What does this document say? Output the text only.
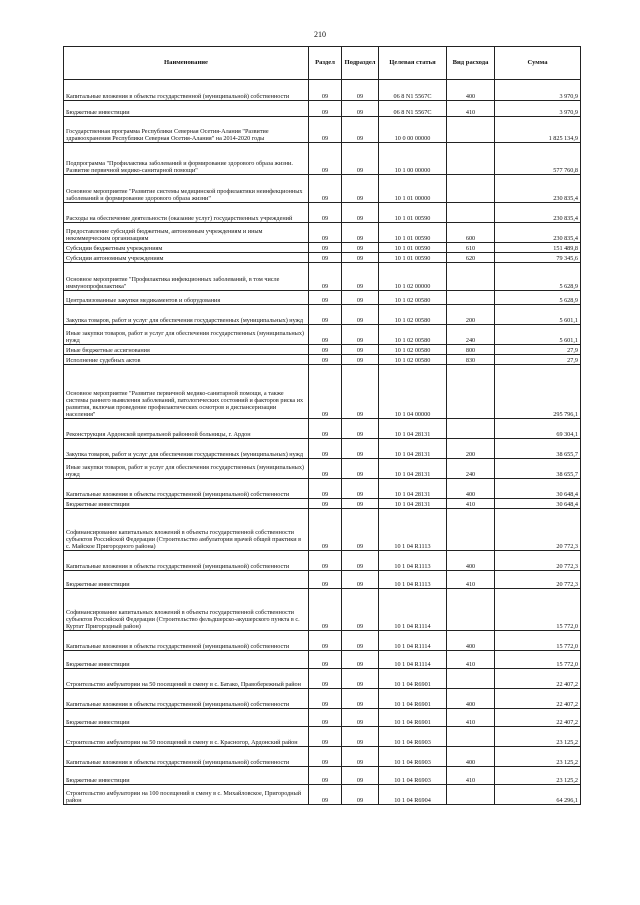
210
Наименование	Раздел	Подраздел	Целевая статья	Вид расхода	Сумма
Капитальные вложения в объекты государственной (муниципальной) собственности	09	09	06 8 N1 5567C	400	3 970,9
Бюджетные инвестиции	09	09	06 8 N1 5567C	410	3 970,9
Государственная программа Республики Северная Осетия-Алания "Развитие здравоохранения Республики Северная Осетия-Алания" на 2014-2020 годы	09	09	10 0 00 00000		1 825 134,9
Подпрограмма "Профилактика заболеваний и формирование здорового образа жизни. Развитие первичной медико-санитарной помощи"	09	09	10 1 00 00000		577 760,8
Основное мероприятие "Развитие системы медицинской профилактики неинфекционных заболеваний и формирование здорового образа жизни"	09	09	10 1 01 00000		230 835,4
Расходы на обеспечение деятельности (оказание услуг) государственных учреждений	09	09	10 1 01 00590		230 835,4
Предоставление субсидий бюджетным, автономным учреждениям и иным некоммерческим организациям	09	09	10 1 01 00590	600	230 835,4
Субсидии бюджетным учреждениям	09	09	10 1 01 00590	610	151 489,8
Субсидии автономным учреждениям	09	09	10 1 01 00590	620	79 345,6
Основное мероприятие "Профилактика инфекционных заболеваний, в том числе иммунопрофилактика"	09	09	10 1 02 00000		5 628,9
Централизованные закупки медикаментов и оборудования	09	09	10 1 02 00580		5 628,9
Закупка товаров, работ и услуг для обеспечения государственных (муниципальных) нужд	09	09	10 1 02 00580	200	5 601,1
Иные закупки товаров, работ и услуг для обеспечения государственных (муниципальных) нужд	09	09	10 1 02 00580	240	5 601,1
Иные бюджетные ассигнования	09	09	10 1 02 00580	800	27,9
Исполнение судебных актов	09	09	10 1 02 00580	830	27,9
Основное мероприятие "Развитие первичной медико-санитарной помощи, а также системы раннего выявления заболеваний, патологических состояний и факторов риска их развития, включая проведение профилактических осмотров и диспансеризации населения"	09	09	10 1 04 00000		295 796,1
Реконструкция Ардонской центральной районной больницы, г. Ардон	09	09	10 1 04 28131		69 304,1
Закупка товаров, работ и услуг для обеспечения государственных (муниципальных) нужд	09	09	10 1 04 28131	200	38 655,7
Иные закупки товаров, работ и услуг для обеспечения государственных (муниципальных) нужд	09	09	10 1 04 28131	240	38 655,7
Капитальные вложения в объекты государственной (муниципальной) собственности	09	09	10 1 04 28131	400	30 648,4
Бюджетные инвестиции	09	09	10 1 04 28131	410	30 648,4
Софинансирование капитальных вложений в объекты государственной собственности субъектов Российской Федерации (Строительство амбулатории врачей общей практики в с. Майское Пригородного района)	09	09	10 1 04 R1113		20 772,3
Капитальные вложения в объекты государственной (муниципальной) собственности	09	09	10 1 04 R1113	400	20 772,3
Бюджетные инвестиции	09	09	10 1 04 R1113	410	20 772,3
Софинансирование капитальных вложений в объекты государственной собственности субъектов Российской Федерации (Строительство фельдшерско-акушерского пункта в с. Куртат Пригородный район)	09	09	10 1 04 R1114		15 772,0
Капитальные вложения в объекты государственной (муниципальной) собственности	09	09	10 1 04 R1114	400	15 772,0
Бюджетные инвестиции	09	09	10 1 04 R1114	410	15 772,0
Строительство амбулатории на 50 посещений в смену в с. Батако, Правобережный район	09	09	10 1 04 R6901		22 407,2
Капитальные вложения в объекты государственной (муниципальной) собственности	09	09	10 1 04 R6901	400	22 407,2
Бюджетные инвестиции	09	09	10 1 04 R6901	410	22 407,2
Строительство амбулатории на 50 посещений в смену в с. Красногор, Ардонский район	09	09	10 1 04 R6903		23 125,2
Капитальные вложения в объекты государственной (муниципальной) собственности	09	09	10 1 04 R6903	400	23 125,2
Бюджетные инвестиции	09	09	10 1 04 R6903	410	23 125,2
Строительство амбулатории на 100 посещений в смену в с. Михайловское, Пригородный район	09	09	10 1 04 R6904		64 296,1
